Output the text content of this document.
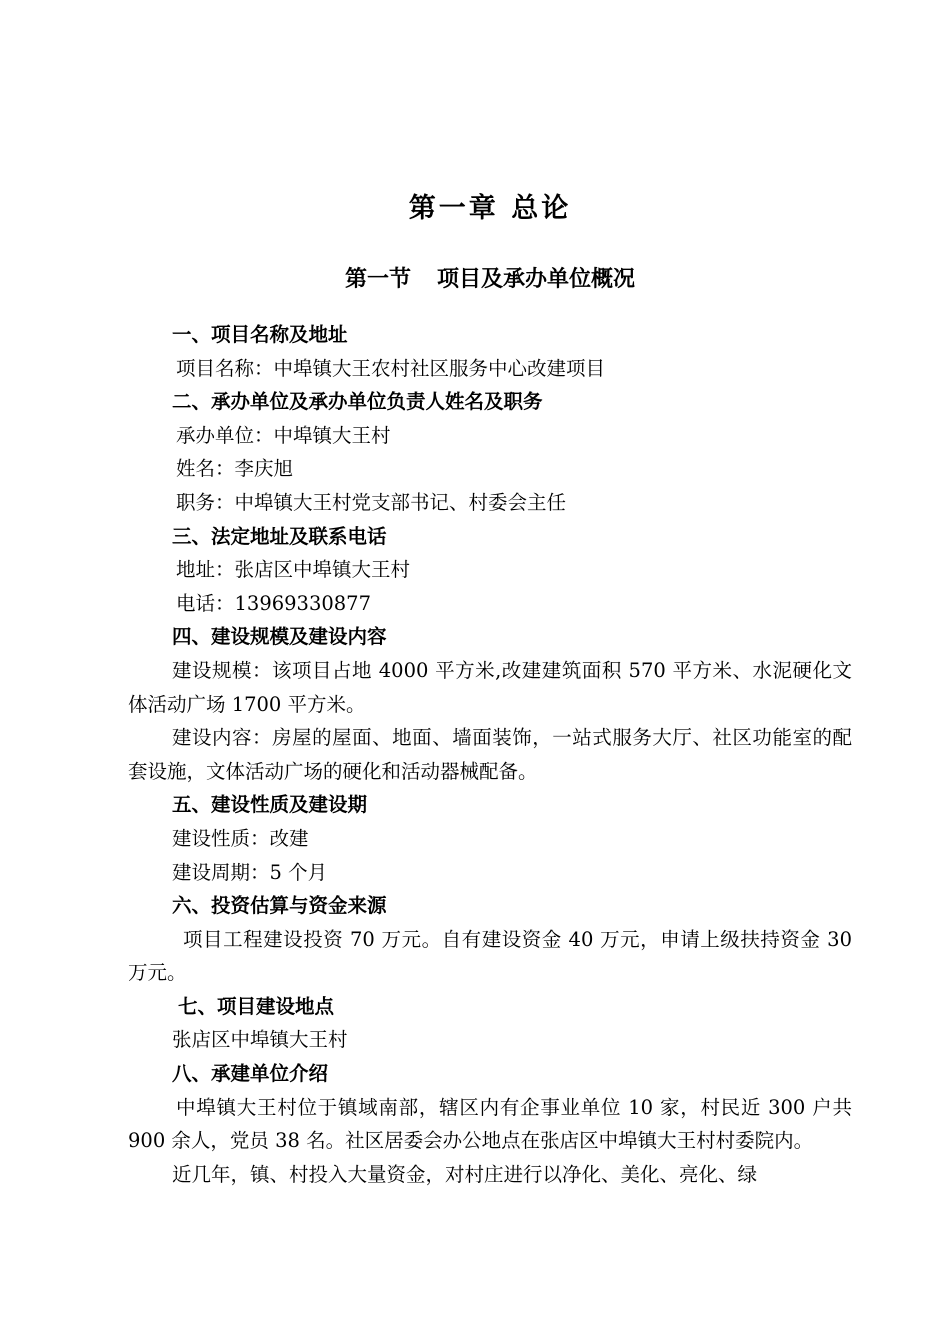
第一章 总论
第一节 项目及承办单位概况

一、项目名称及地址

项目名称：中埠镇大王农村社区服务中心改建项目

二、承办单位及承办单位负责人姓名及职务

承办单位：中埠镇大王村

姓名：李庆旭

职务：中埠镇大王村党支部书记、村委会主任

三、法定地址及联系电话

地址：张店区中埠镇大王村

电话：13969330877

四、建设规模及建设内容

建设规模：该项目占地 4000 平方米,改建建筑面积 570 平方米、水泥硬化文体活动广场 1700 平方米。

建设内容：房屋的屋面、地面、墙面装饰，一站式服务大厅、社区功能室的配套设施，文体活动广场的硬化和活动器械配备。

五、建设性质及建设期

建设性质：改建

建设周期：5 个月

六、投资估算与资金来源

项目工程建设投资 70 万元。自有建设资金 40 万元，申请上级扶持资金 30 万元。

七、项目建设地点

张店区中埠镇大王村

八、承建单位介绍

中埠镇大王村位于镇域南部，辖区内有企事业单位 10 家，村民近 300 户共 900 余人，党员 38 名。社区居委会办公地点在张店区中埠镇大王村村委院内。

近几年，镇、村投入大量资金，对村庄进行以净化、美化、亮化、绿
